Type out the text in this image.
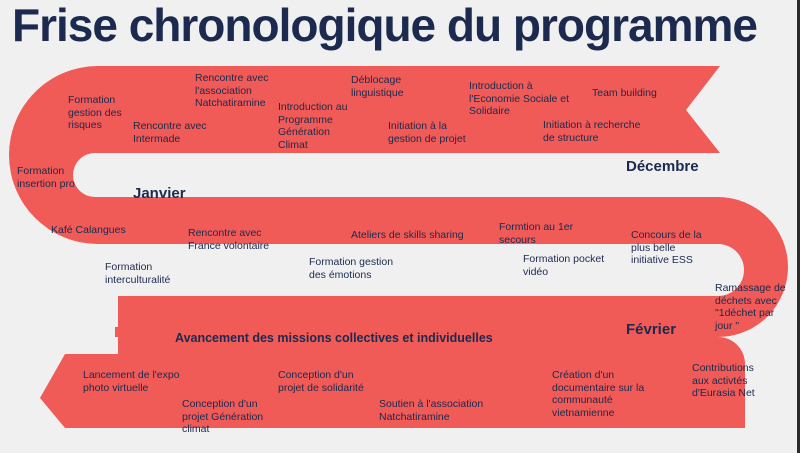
Frise chronologique du programme
Formation
gestion des
risques
Rencontre avec
l'association
Natchatiramine
Rencontre avec
Intermade
Introduction au
Programme
Génération
Climat
Déblocage
linguistique
Initiation à la
gestion de projet
Introduction à
l'Economie Sociale et
Solidaire
Team building
Initiation à recherche
de structure
Décembre
Janvier
Formation
insertion pro
Kafé Calangues	Rencontre avec
France volontaire
Formation
interculturalité
Ateliers de skills sharing
Formation gestion
des émotions
Formtion au 1er
secours
Formation pocket
vidéo
Concours de la
plus belle
initiative ESS
Ramassage de
déchets avec
"1déchet par
jour "
Avancement des missions collectives et individuelles	Février
Lancement de l'expo
photo virtuelle
Conception d'un
projet de solidarité
Conception d'un
projet Génération
climat
Soutien à l'association
Natchatiramine
Création d'un
documentaire sur la
communauté
vietnamienne
Contributions
aux activtés
d'Eurasia Net
